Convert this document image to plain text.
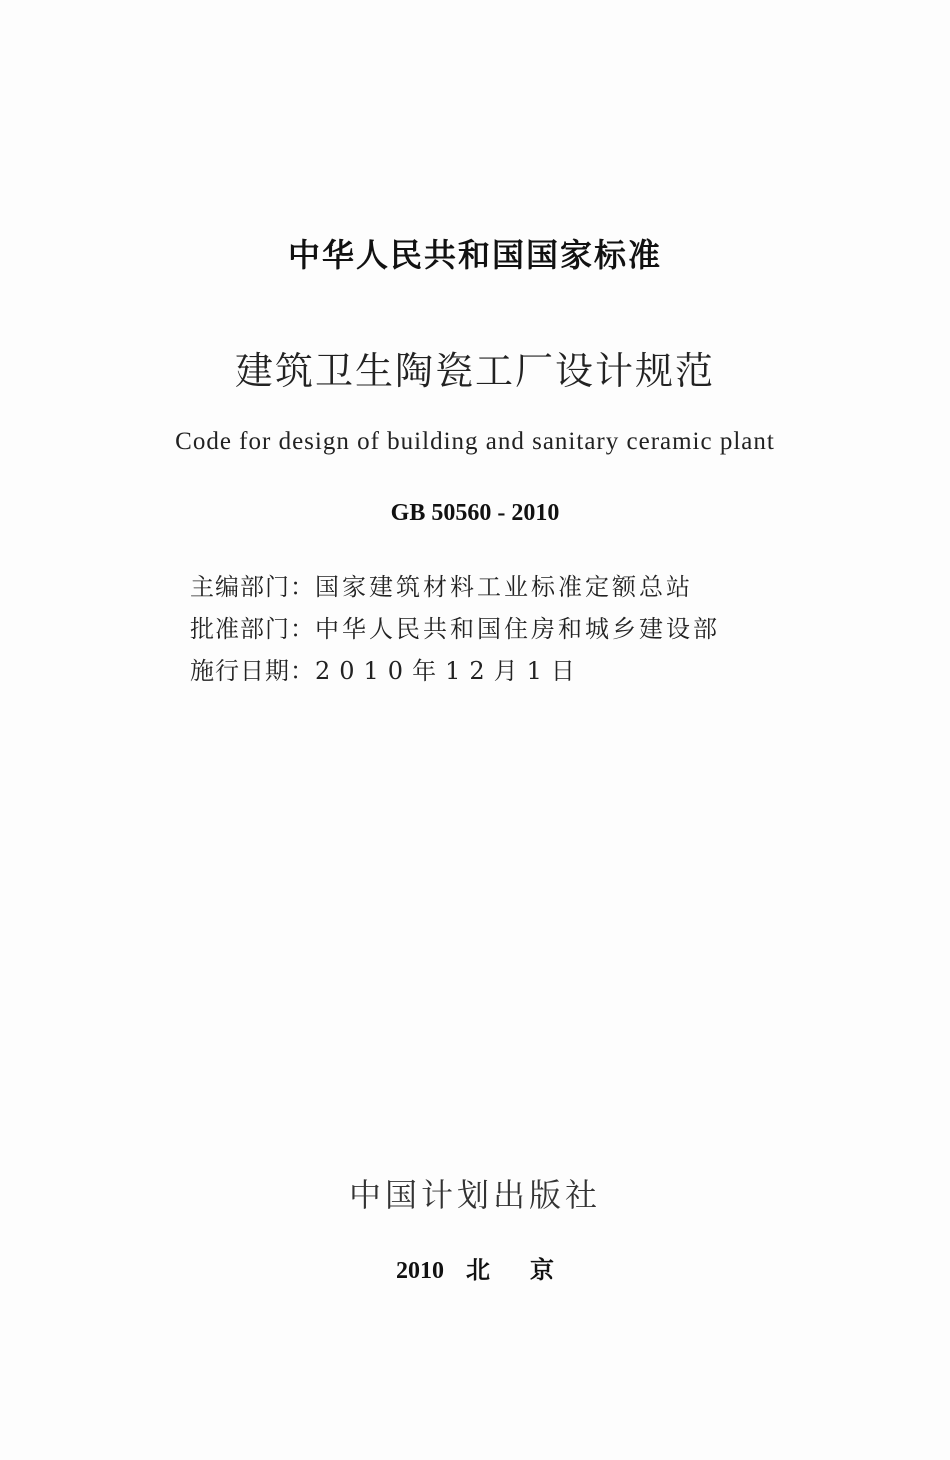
中华人民共和国国家标准
建筑卫生陶瓷工厂设计规范
Code for design of building and sanitary ceramic plant
GB 50560 - 2010
主编部门：国家建筑材料工业标准定额总站
批准部门：中华人民共和国住房和城乡建设部
施行日期：2010年12月1日
中国计划出版社
2010 北 京
